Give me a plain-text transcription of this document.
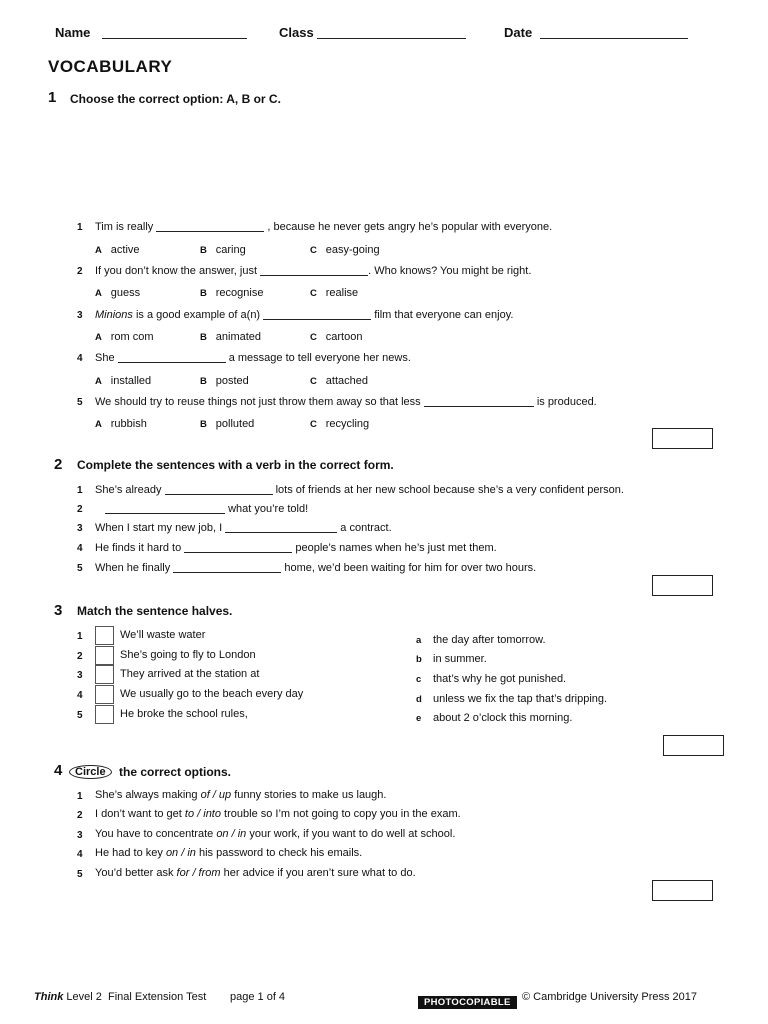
Name	Class	Date
VOCABULARY
1 Choose the correct option: A, B or C.
1	Tim is really	, because he never gets angry he’s popular with everyone.
A active	B caring	C easy-going
2	If you don’t know the answer, just	. Who knows? You might be right.
A guess	B recognise	C realise
3	Minions is a good example of a(n)	film that everyone can enjoy.
A rom com	B animated	C cartoon
4	She	a message to tell everyone her news.
A installed	B posted	C attached
5	We should try to reuse things not just throw them away so that less	is produced.
A rubbish	B polluted	C recycling
2 Complete the sentences with a verb in the correct form.
1	She’s already	lots of friends at her new school because she’s a very confident person.
2	what you’re told!
3	When I start my new job, I	a contract.
4	He finds it hard to	people’s names when he’s just met them.
5	When he finally	home, we’d been waiting for him for over two hours.
3 Match the sentence halves.
1	We’ll waste water
2	She’s going to fly to London
3	They arrived at the station at
4	We usually go to the beach every day
5	He broke the school rules,
a the day after tomorrow.
b in summer.
c that’s why he got punished.
d unless we fix the tap that’s dripping.
e about 2 o’clock this morning.
4	Circle	the correct options.
1	She’s always making of / up funny stories to make us laugh.
2	I don’t want to get to / into trouble so I’m not going to copy you in the exam.
3	You have to concentrate on / in your work, if you want to do well at school.
4	He had to key on / in his password to check his emails.
5	You’d better ask for / from her advice if you aren’t sure what to do.
Think Level 2 Final Extension Test page 1 of 4	PHOTOCOPIABLE	© Cambridge University Press 2017
